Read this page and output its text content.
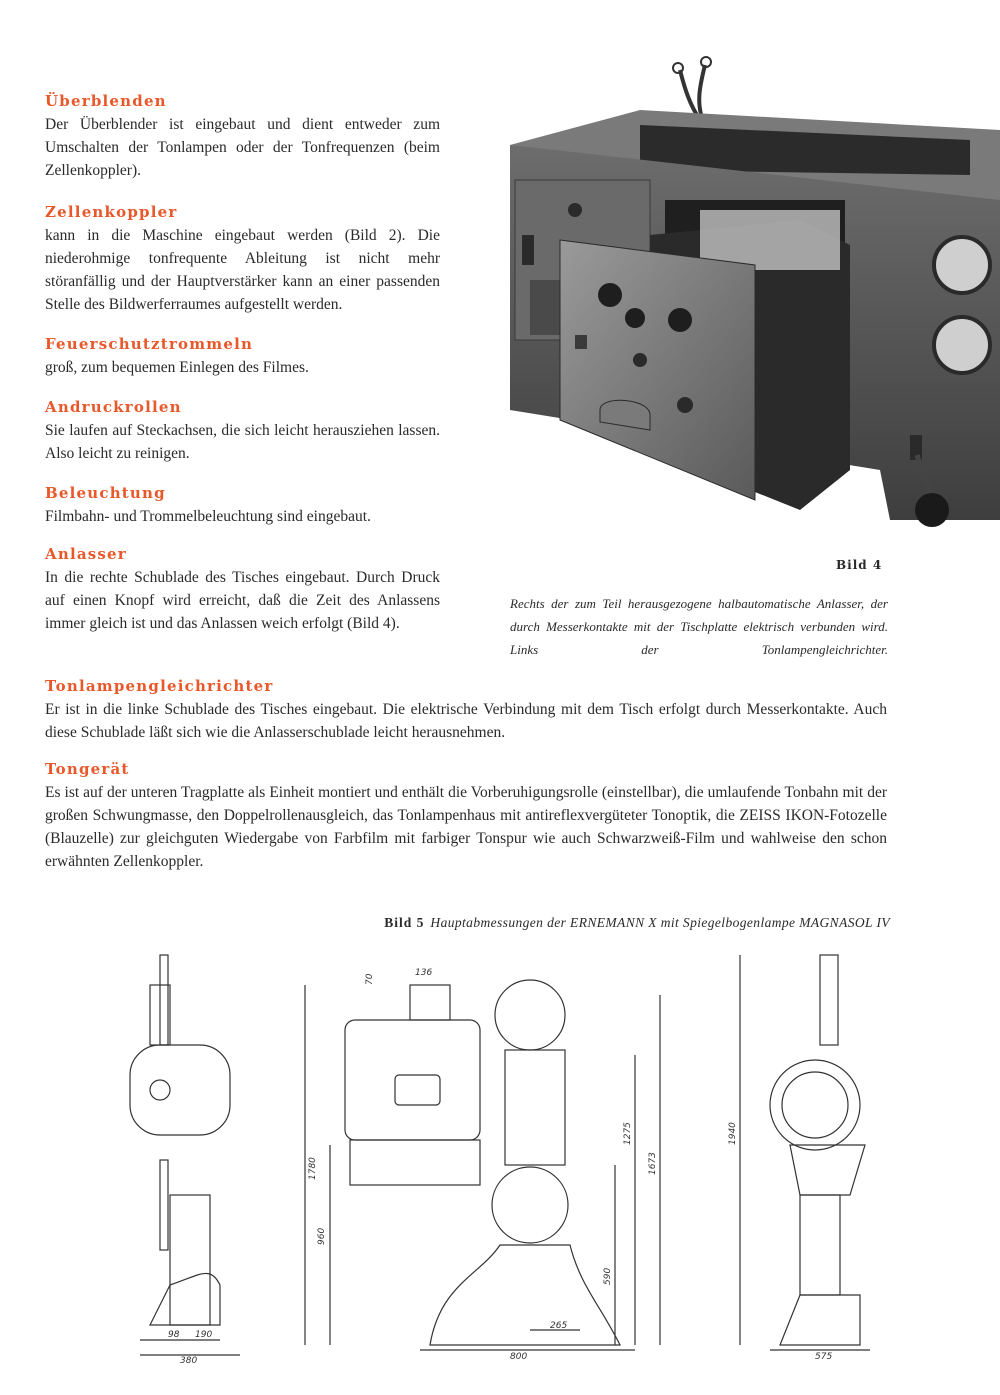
Überblenden

Der Überblender ist eingebaut und dient entweder zum Umschalten der Tonlampen oder der Tonfrequenzen (beim Zellenkoppler).

Zellenkoppler

kann in die Maschine eingebaut werden (Bild 2). Die niederohmige tonfrequente Ableitung ist nicht mehr störanfällig und der Hauptverstärker kann an einer passenden Stelle des Bildwerferraumes aufgestellt werden.

Feuerschutztrommeln

groß, zum bequemen Einlegen des Filmes.

Andruckrollen

Sie laufen auf Steckachsen, die sich leicht herausziehen lassen. Also leicht zu reinigen.

Beleuchtung

Filmbahn- und Trommelbeleuchtung sind eingebaut.

Anlasser

In die rechte Schublade des Tisches eingebaut. Durch Druck auf einen Knopf wird erreicht, daß die Zeit des Anlassens immer gleich ist und das Anlassen weich erfolgt (Bild 4).

Bild 4
Rechts der zum Teil herausgezogene halbautomatische Anlasser, der durch Messerkontakte mit der Tischplatte elektrisch verbunden wird. Links der Tonlampengleichrichter.
Tonlampengleichrichter

Er ist in die linke Schublade des Tisches eingebaut. Die elektrische Verbindung mit dem Tisch erfolgt durch Messerkontakte. Auch diese Schublade läßt sich wie die Anlasserschublade leicht herausnehmen.

Tongerät

Es ist auf der unteren Tragplatte als Einheit montiert und enthält die Vorberuhigungsrolle (einstellbar), die umlaufende Tonbahn mit der großen Schwungmasse, den Doppelrollenausgleich, das Tonlampenhaus mit antireflexvergüteter Tonoptik, die ZEISS IKON-Fotozelle (Blauzelle) zur gleichguten Wiedergabe von Farbfilm mit farbiger Tonspur wie auch Schwarzweiß-Film und wahlweise den schon erwähnten Zellenkoppler.

Bild 5 Hauptabmessungen der ERNEMANN X mit Spiegelbogenlampe MAGNASOL IV
98 190
380
1780
960
1275
1673
590
265
800
1940
575
136
70
